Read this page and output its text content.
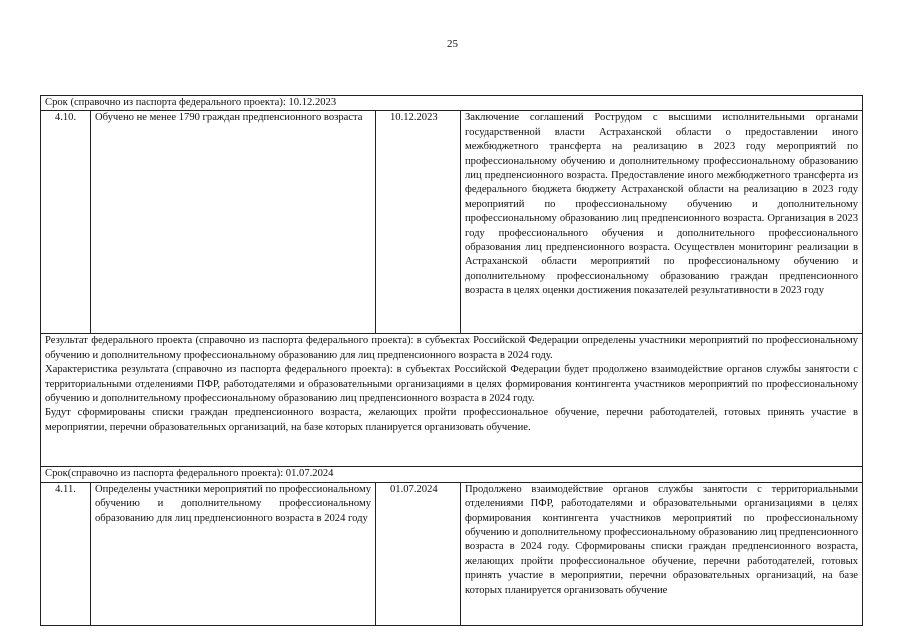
25
Срок (справочно из паспорта федерального проекта): 10.12.2023			
4.10.	Обучено не менее 1790 граждан предпенсионного возраста	10.12.2023	Заключение соглашений Рострудом с высшими исполнительными органами государственной власти Астраханской области о предоставлении иного межбюджетного трансферта на реализацию в 2023 году мероприятий по профессиональному обучению и дополнительному профессиональному образованию лиц предпенсионного возраста. Предоставление иного межбюджетного трансферта из федерального бюджета бюджету Астраханской области на реализацию в 2023 году мероприятий по профессиональному обучению и дополнительному профессиональному образованию лиц предпенсионного возраста. Организация в 2023 году профессионального обучения и дополнительного профессионального образования лиц предпенсионного возраста. Осуществлен мониторинг реализации в Астраханской области мероприятий по профессиональному обучению и дополнительному профессиональному образованию граждан предпенсионного возраста в целях оценки достижения показателей результативности в 2023 году

Результат федерального проекта (справочно из паспорта федерального проекта): в субъектах Российской Федерации определены участники мероприятий по профессиональному обучению и дополнительному профессиональному образованию для лиц предпенсионного возраста в 2024 году.
Характеристика результата (справочно из паспорта федерального проекта): в субъектах Российской Федерации будет продолжено взаимодействие органов службы занятости с территориальными отделениями ПФР, работодателями и образовательными организациями в целях формирования контингента участников мероприятий по профессиональному обучению и дополнительному профессиональному образованию лиц предпенсионного возраста в 2024 году.
Будут сформированы списки граждан предпенсионного возраста, желающих пройти профессиональное обучение, перечни работодателей, готовых принять участие в мероприятии, перечни образовательных организаций, на базе которых планируется организовать обучение.			

Срок(справочно из паспорта федерального проекта): 01.07.2024			
4.11.	Определены участники мероприятий по профессиональному обучению и дополнительному профессиональному образованию для лиц предпенсионного возраста в 2024 году	01.07.2024	Продолжено взаимодействие органов службы занятости с территориальными отделениями ПФР, работодателями и образовательными организациями в целях формирования контингента участников мероприятий по профессиональному обучению и дополнительному профессиональному образованию лиц предпенсионного возраста в 2024 году. Сформированы списки граждан предпенсионного возраста, желающих пройти профессиональное обучение, перечни работодателей, готовых принять участие в мероприятии, перечни образовательных организаций, на базе которых планируется организовать обучение
